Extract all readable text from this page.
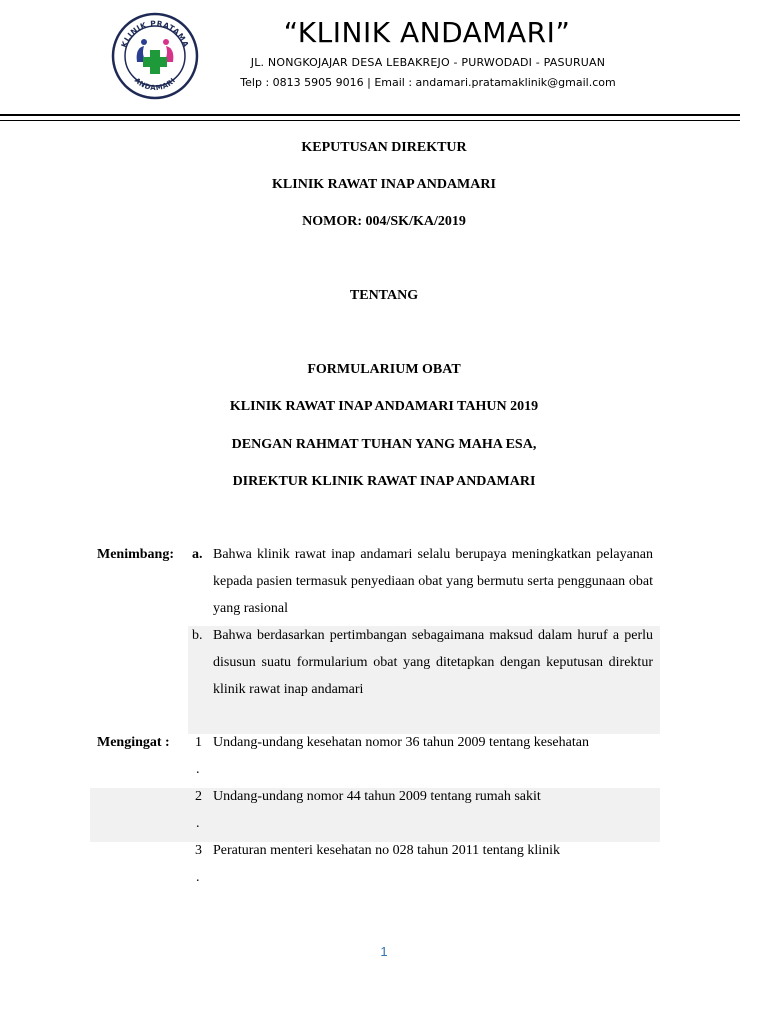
KLINIK PRATAMA
ANDAMARI
“KLINIK ANDAMARI”
JL. NONGKOJAJAR DESA LEBAKREJO - PURWODADI - PASURUAN
Telp : 0813 5905 9016 | Email : andamari.pratamaklinik@gmail.com
KEPUTUSAN DIREKTUR
KLINIK RAWAT INAP ANDAMARI
NOMOR: 004/SK/KA/2019
TENTANG
FORMULARIUM OBAT
KLINIK RAWAT INAP ANDAMARI TAHUN 2019
DENGAN RAHMAT TUHAN YANG MAHA ESA,
DIREKTUR KLINIK RAWAT INAP ANDAMARI
Menimbang: a. Bahwa klinik rawat inap andamari selalu berupaya meningkatkan pelayanan kepada pasien termasuk penyediaan obat yang bermutu serta penggunaan obat yang rasional
b. Bahwa berdasarkan pertimbangan sebagaimana maksud dalam huruf a perlu disusun suatu formularium obat yang ditetapkan dengan keputusan direktur klinik rawat inap andamari
Mengingat : 1 Undang-undang kesehatan nomor 36 tahun 2009 tentang kesehatan
.
2 Undang-undang nomor 44 tahun 2009 tentang rumah sakit
.
3 Peraturan menteri kesehatan no 028 tahun 2011 tentang klinik
.
1
